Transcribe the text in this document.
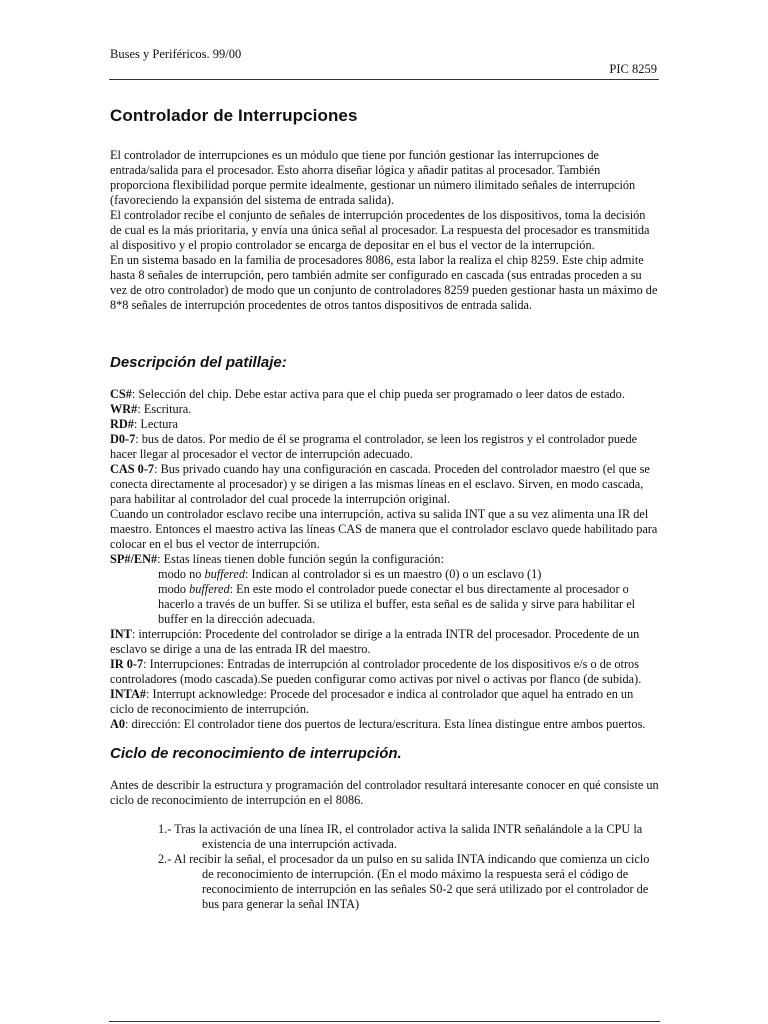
Buses y Periféricos. 99/00
PIC 8259
Controlador de Interrupciones

El controlador de interrupciones es un módulo que tiene por función gestionar las interrupciones de entrada/salida para el procesador. Esto ahorra diseñar lógica y añadir patitas al procesador. También proporciona flexibilidad porque permite idealmente, gestionar un número ilimitado señales de interrupción (favoreciendo la expansión del sistema de entrada salida).

El controlador recibe el conjunto de señales de interrupción procedentes de los dispositivos, toma la decisión de cual es la más prioritaria, y envía una única señal al procesador. La respuesta del procesador es transmitida al dispositivo y el propio controlador se encarga de depositar en el bus el vector de la interrupción.

En un sistema basado en la familia de procesadores 8086, esta labor la realiza el chip 8259. Este chip admite hasta 8 señales de interrupción, pero también admite ser configurado en cascada (sus entradas proceden a su vez de otro controlador) de modo que un conjunto de controladores 8259 pueden gestionar hasta un máximo de 8*8 señales de interrupción procedentes de otros tantos dispositivos de entrada salida.

Descripción del patillaje:

CS#: Selección del chip. Debe estar activa para que el chip pueda ser programado o leer datos de estado.

WR#: Escritura.

RD#: Lectura

D0-7: bus de datos. Por medio de él se programa el controlador, se leen los registros y el controlador puede hacer llegar al procesador el vector de interrupción adecuado.

CAS 0-7: Bus privado cuando hay una configuración en cascada. Proceden del controlador maestro (el que se conecta directamente al procesador) y se dirigen a las mismas líneas en el esclavo. Sirven, en modo cascada, para habilitar al controlador del cual procede la interrupción original.

Cuando un controlador esclavo recibe una interrupción, activa su salida INT que a su vez alimenta una IR del maestro. Entonces el maestro activa las líneas CAS de manera que el controlador esclavo quede habilitado para colocar en el bus el vector de interrupción.

SP#/EN#: Estas líneas tienen doble función según la configuración:

modo no buffered: Indican al controlador si es un maestro (0) o un esclavo (1)

modo buffered: En este modo el controlador puede conectar el bus directamente al procesador o hacerlo a través de un buffer. Si se utiliza el buffer, esta señal es de salida y sirve para habilitar el buffer en la dirección adecuada.

INT: interrupción: Procedente del controlador se dirige a la entrada INTR del procesador. Procedente de un esclavo se dirige a una de las entrada IR del maestro.

IR 0-7: Interrupciones: Entradas de interrupción al controlador procedente de los dispositivos e/s o de otros controladores (modo cascada).Se pueden configurar como activas por nivel o activas por flanco (de subida).

INTA#: Interrupt acknowledge: Procede del procesador e indica al controlador que aquel ha entrado en un ciclo de reconocimiento de interrupción.

A0: dirección: El controlador tiene dos puertos de lectura/escritura. Esta línea distingue entre ambos puertos.

Ciclo de reconocimiento de interrupción.

Antes de describir la estructura y programación del controlador resultará interesante conocer en qué consiste un ciclo de reconocimiento de interrupción en el 8086.

1.- Tras la activación de una línea IR, el controlador activa la salida INTR señalándole a la CPU la existencia de una interrupción activada.

2.- Al recibir la señal, el procesador da un pulso en su salida INTA indicando que comienza un ciclo de reconocimiento de interrupción. (En el modo máximo la respuesta será el código de reconocimiento de interrupción en las señales S0-2 que será utilizado por el controlador de bus para generar la señal INTA)
